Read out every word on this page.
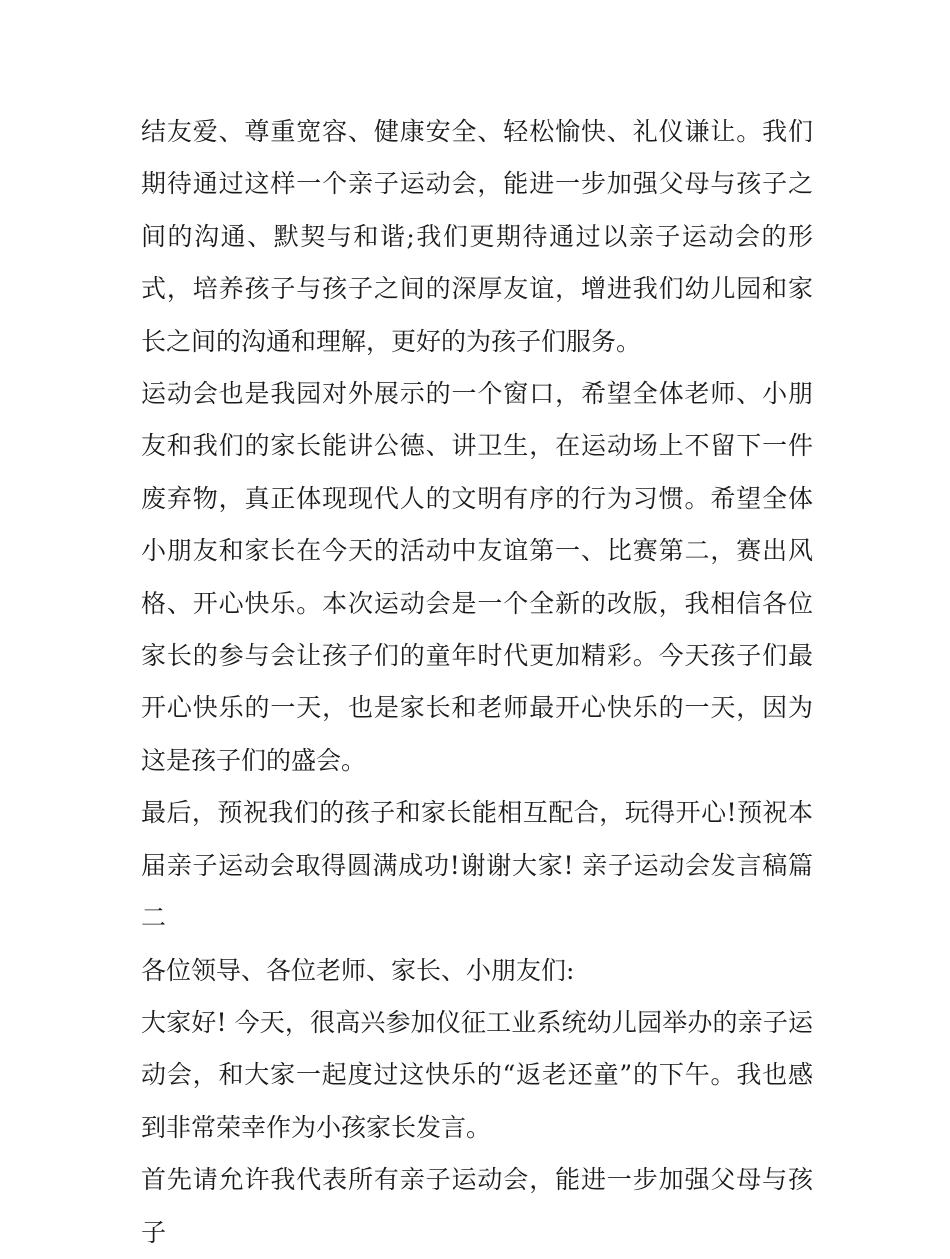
结友爱、尊重宽容、健康安全、轻松愉快、礼仪谦让。我们期待通过这样一个亲子运动会，能进一步加强父母与孩子之间的沟通、默契与和谐;我们更期待通过以亲子运动会的形式，培养孩子与孩子之间的深厚友谊，增进我们幼儿园和家长之间的沟通和理解，更好的为孩子们服务。

运动会也是我园对外展示的一个窗口，希望全体老师、小朋友和我们的家长能讲公德、讲卫生，在运动场上不留下一件废弃物，真正体现现代人的文明有序的行为习惯。希望全体小朋友和家长在今天的活动中友谊第一、比赛第二，赛出风格、开心快乐。本次运动会是一个全新的改版，我相信各位家长的参与会让孩子们的童年时代更加精彩。今天孩子们最开心快乐的一天，也是家长和老师最开心快乐的一天，因为这是孩子们的盛会。

最后，预祝我们的孩子和家长能相互配合，玩得开心!预祝本届亲子运动会取得圆满成功!谢谢大家! 亲子运动会发言稿篇二

各位领导、各位老师、家长、小朋友们:

大家好! 今天，很高兴参加仪征工业系统幼儿园举办的亲子运动会，和大家一起度过这快乐的“返老还童”的下午。我也感到非常荣幸作为小孩家长发言。

首先请允许我代表所有亲子运动会，能进一步加强父母与孩子
